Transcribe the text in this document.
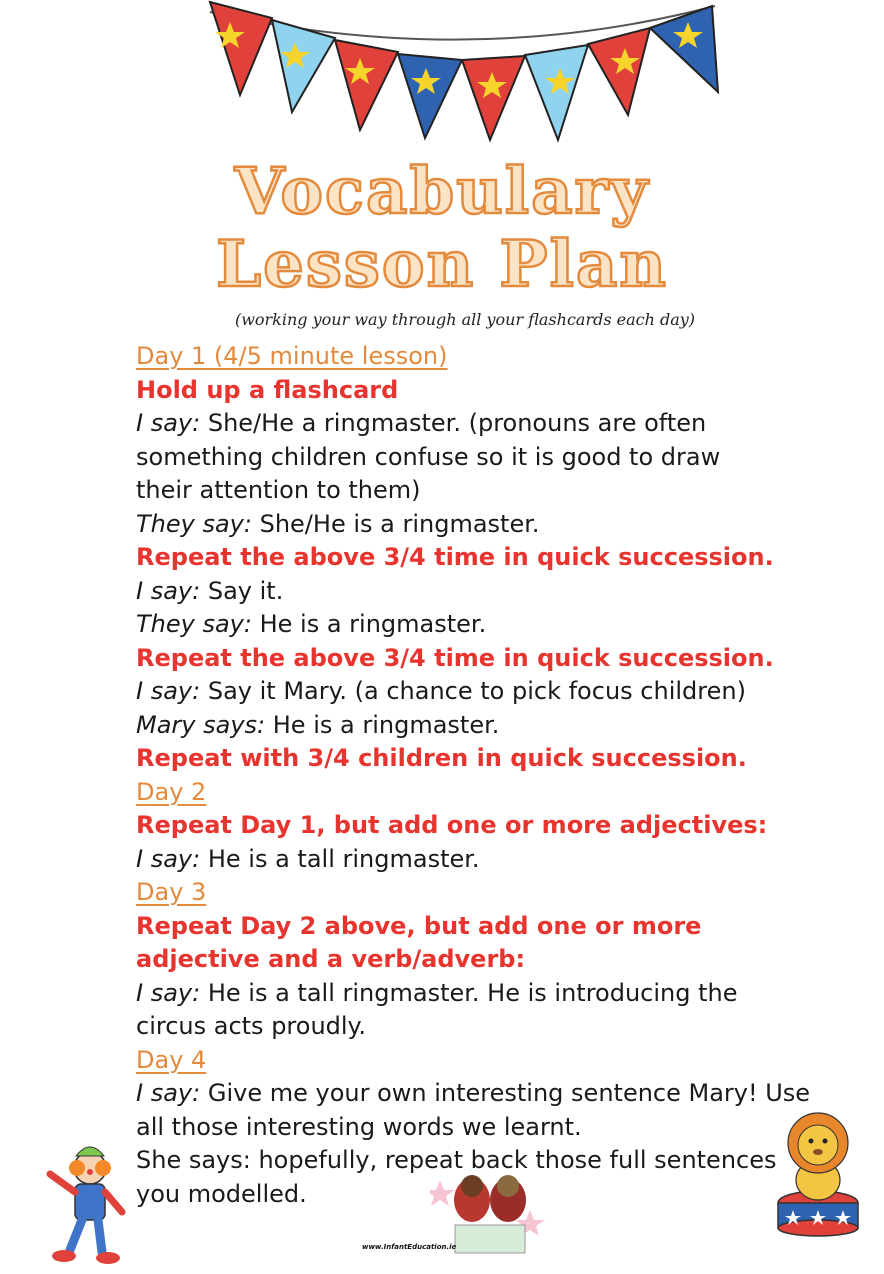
Vocabulary
Lesson Plan
(working your way through all your flashcards each day)
Day 1 (4/5 minute lesson)
Hold up a flashcard
I say: She/He a ringmaster. (pronouns are often
something children confuse so it is good to draw
their attention to them)
They say: She/He is a ringmaster.
Repeat the above 3/4 time in quick succession.
I say: Say it.
They say: He is a ringmaster.
Repeat the above 3/4 time in quick succession.
I say: Say it Mary. (a chance to pick focus children)
Mary says: He is a ringmaster.
Repeat with 3/4 children in quick succession.
Day 2
Repeat Day 1, but add one or more adjectives:
I say: He is a tall ringmaster.
Day 3
Repeat Day 2 above, but add one or more
adjective and a verb/adverb:
I say: He is a tall ringmaster. He is introducing the
circus acts proudly.
Day 4
I say: Give me your own interesting sentence Mary! Use
all those interesting words we learnt.
She says: hopefully, repeat back those full sentences
you modelled.
www.InfantEducation.ie
